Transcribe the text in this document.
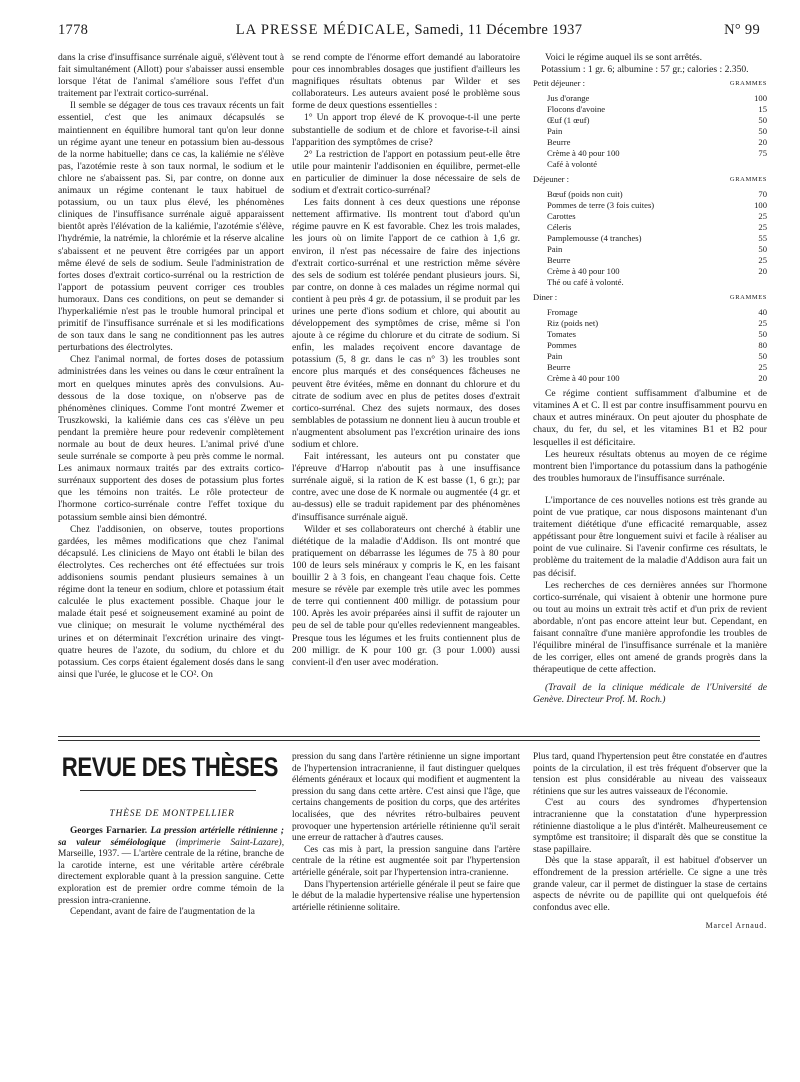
1778	LA PRESSE MÉDICALE, Samedi, 11 Décembre 1937	N° 99

dans la crise d'insuffisance surrénale aiguë, s'élèvent tout à fait simultanément (Allott) pour s'abaisser aussi ensemble lorsque l'état de l'animal s'améliore sous l'effet d'un traitement par l'extrait cortico-surrénal.

Il semble se dégager de tous ces travaux récents un fait essentiel, c'est que les animaux décapsulés se maintiennent en équilibre humoral tant qu'on leur donne un régime ayant une teneur en potassium bien au-dessous de la norme habituelle; dans ce cas, la kaliémie ne s'élève pas, l'azotémie reste à son taux normal, le sodium et le chlore ne s'abaissent pas. Si, par contre, on donne aux animaux un régime contenant le taux habituel de potassium, ou un taux plus élevé, les phénomènes cliniques de l'insuffisance surrénale aiguë apparaissent bientôt après l'élévation de la kaliémie, l'azotémie s'élève, l'hydrémie, la natrémie, la chlorémie et la réserve alcaline s'abaissent et ne peuvent être corrigées par un apport même élevé de sels de sodium. Seule l'administration de fortes doses d'extrait cortico-surrénal ou la restriction de l'apport de potassium peuvent corriger ces troubles humoraux. Dans ces conditions, on peut se demander si l'hyperkaliémie n'est pas le trouble humoral principal et primitif de l'insuffisance surrénale et si les modifications de son taux dans le sang ne conditionnent pas les autres perturbations des électrolytes.

Chez l'animal normal, de fortes doses de potassium administrées dans les veines ou dans le cœur entraînent la mort en quelques minutes après des convulsions. Au-dessous de la dose toxique, on n'observe pas de phénomènes cliniques. Comme l'ont montré Zwemer et Truszkowski, la kaliémie dans ces cas s'élève un peu pendant la première heure pour redevenir complètement normale au bout de deux heures. L'animal privé d'une seule surrénale se comporte à peu près comme le normal. Les animaux normaux traités par des extraits cortico-surrénaux supportent des doses de potassium plus fortes que les témoins non traités. Le rôle protecteur de l'hormone cortico-surrénale contre l'effet toxique du potassium semble ainsi bien démontré.

Chez l'addisonien, on observe, toutes proportions gardées, les mêmes modifications que chez l'animal décapsulé. Les cliniciens de Mayo ont établi le bilan des électrolytes. Ces recherches ont été effectuées sur trois addisoniens soumis pendant plusieurs semaines à un régime dont la teneur en sodium, chlore et potassium était calculée le plus exactement possible. Chaque jour le malade était pesé et soigneusement examiné au point de vue clinique; on mesurait le volume nycthéméral des urines et on déterminait l'excrétion urinaire des vingt-quatre heures de l'azote, du sodium, du chlore et du potassium. Ces corps étaient également dosés dans le sang ainsi que l'urée, le glucose et le CO². On

se rend compte de l'énorme effort demandé au laboratoire pour ces innombrables dosages que justifient d'ailleurs les magnifiques résultats obtenus par Wilder et ses collaborateurs. Les auteurs avaient posé le problème sous forme de deux questions essentielles :

1° Un apport trop élevé de K provoque-t-il une perte substantielle de sodium et de chlore et favorise-t-il ainsi l'apparition des symptômes de crise?

2° La restriction de l'apport en potassium peut-elle être utile pour maintenir l'addisonien en équilibre, permet-elle en particulier de diminuer la dose nécessaire de sels de sodium et d'extrait cortico-surrénal?

Les faits donnent à ces deux questions une réponse nettement affirmative. Ils montrent tout d'abord qu'un régime pauvre en K est favorable. Chez les trois malades, les jours où on limite l'apport de ce cathion à 1,6 gr. environ, il n'est pas nécessaire de faire des injections d'extrait cortico-surrénal et une restriction même sévère des sels de sodium est tolérée pendant plusieurs jours. Si, par contre, on donne à ces malades un régime normal qui contient à peu près 4 gr. de potassium, il se produit par les urines une perte d'ions sodium et chlore, qui aboutit au développement des symptômes de crise, même si l'on ajoute à ce régime du chlorure et du citrate de sodium. Si enfin, les malades reçoivent encore davantage de potassium (5, 8 gr. dans le cas n° 3) les troubles sont encore plus marqués et des conséquences fâcheuses ne peuvent être évitées, même en donnant du chlorure et du citrate de sodium avec en plus de petites doses d'extrait cortico-surrénal. Chez des sujets normaux, des doses semblables de potassium ne donnent lieu à aucun trouble et n'augmentent absolument pas l'excrétion urinaire des ions sodium et chlore.

Fait intéressant, les auteurs ont pu constater que l'épreuve d'Harrop n'aboutit pas à une insuffisance surrénale aiguë, si la ration de K est basse (1, 6 gr.); par contre, avec une dose de K normale ou augmentée (4 gr. et au-dessus) elle se traduit rapidement par des phénomènes d'insuffisance surrénale aiguë.

Wilder et ses collaborateurs ont cherché à établir une diététique de la maladie d'Addison. Ils ont montré que pratiquement on débarrasse les légumes de 75 à 80 pour 100 de leurs sels minéraux y compris le K, en les faisant bouillir 2 à 3 fois, en changeant l'eau chaque fois. Cette mesure se révèle par exemple très utile avec les pommes de terre qui contiennent 400 milligr. de potassium pour 100. Après les avoir préparées ainsi il suffit de rajouter un peu de sel de table pour qu'elles redeviennent mangeables. Presque tous les légumes et les fruits contiennent plus de 200 milligr. de K pour 100 gr. (3 pour 1.000) aussi convient-il d'en user avec modération.

Voici le régime auquel ils se sont arrêtés.

Potassium : 1 gr. 6; albumine : 57 gr.; calories : 2.350.

Petit déjeuner :	GRAMMES
Jus d'orange	100
Flocons d'avoine	15
Œuf (1 œuf)	50
Pain	50
Beurre	20
Crème à 40 pour 100	75
Café à volonté
Déjeuner :	GRAMMES
Bœuf (poids non cuit)	70
Pommes de terre (3 fois cuites)	100
Carottes	25
Céleris	25
Pamplemousse (4 tranches)	55
Pain	50
Beurre	25
Crème à 40 pour 100	20
Thé ou café à volonté.
Diner :	GRAMMES
Fromage	40
Riz (poids net)	25
Tomates	50
Pommes	80
Pain	50
Beurre	25
Crème à 40 pour 100	20

Ce régime contient suffisamment d'albumine et de vitamines A et C. Il est par contre insuffisamment pourvu en chaux et autres minéraux. On peut ajouter du phosphate de chaux, du fer, du sel, et les vitamines B1 et B2 pour lesquelles il est déficitaire.

Les heureux résultats obtenus au moyen de ce régime montrent bien l'importance du potassium dans la pathogénie des troubles humoraux de l'insuffisance surrénale.

L'importance de ces nouvelles notions est très grande au point de vue pratique, car nous disposons maintenant d'un traitement diététique d'une efficacité remarquable, assez appétissant pour être longuement suivi et facile à réaliser au point de vue culinaire. Si l'avenir confirme ces résultats, le problème du traitement de la maladie d'Addison aura fait un pas décisif.

Les recherches de ces dernières années sur l'hormone cortico-surrénale, qui visaient à obtenir une hormone pure ou tout au moins un extrait très actif et d'un prix de revient abordable, n'ont pas encore atteint leur but. Cependant, en faisant connaître d'une manière approfondie les troubles de l'équilibre minéral de l'insuffisance surrénale et la manière de les corriger, elles ont amené de grands progrès dans la thérapeutique de cette affection.

(Travail de la clinique médicale de l'Université de Genève. Directeur Prof. M. Roch.)

REVUE DES THÈSES
THÈSE DE MONTPELLIER

Georges Farnarier. La pression artérielle rétinienne ; sa valeur séméiologique (imprimerie Saint-Lazare), Marseille, 1937. — L'artère centrale de la rétine, branche de la carotide interne, est une véritable artère cérébrale directement explorable quant à la pression sanguine. Cette exploration est de premier ordre comme témoin de la pression intra-cranienne.

Cependant, avant de faire de l'augmentation de la

pression du sang dans l'artère rétinienne un signe important de l'hypertension intracranienne, il faut distinguer quelques éléments généraux et locaux qui modifient et augmentent la pression du sang dans cette artère. C'est ainsi que l'âge, que certains changements de position du corps, que des artérites localisées, que des névrites rétro-bulbaires peuvent provoquer une hypertension artérielle rétinienne qu'il serait une erreur de rattacher à d'autres causes.

Ces cas mis à part, la pression sanguine dans l'artère centrale de la rétine est augmentée soit par l'hypertension artérielle générale, soit par l'hypertension intra-cranienne.

Dans l'hypertension artérielle générale il peut se faire que le début de la maladie hypertensive réalise une hypertension artérielle rétinienne solitaire.

Plus tard, quand l'hypertension peut être constatée en d'autres points de la circulation, il est très fréquent d'observer que la tension est plus considérable au niveau des vaisseaux rétiniens que sur les autres vaisseaux de l'économie.

C'est au cours des syndromes d'hypertension intracranienne que la constatation d'une hyperpression rétinienne diastolique a le plus d'intérêt. Malheureusement ce symptôme est transitoire; il disparaît dès que se constitue la stase papillaire.

Dès que la stase apparaît, il est habituel d'observer un effondrement de la pression artérielle. Ce signe a une très grande valeur, car il permet de distinguer la stase de certains aspects de névrite ou de papillite qui ont quelquefois été confondus avec elle.

Marcel Arnaud.
